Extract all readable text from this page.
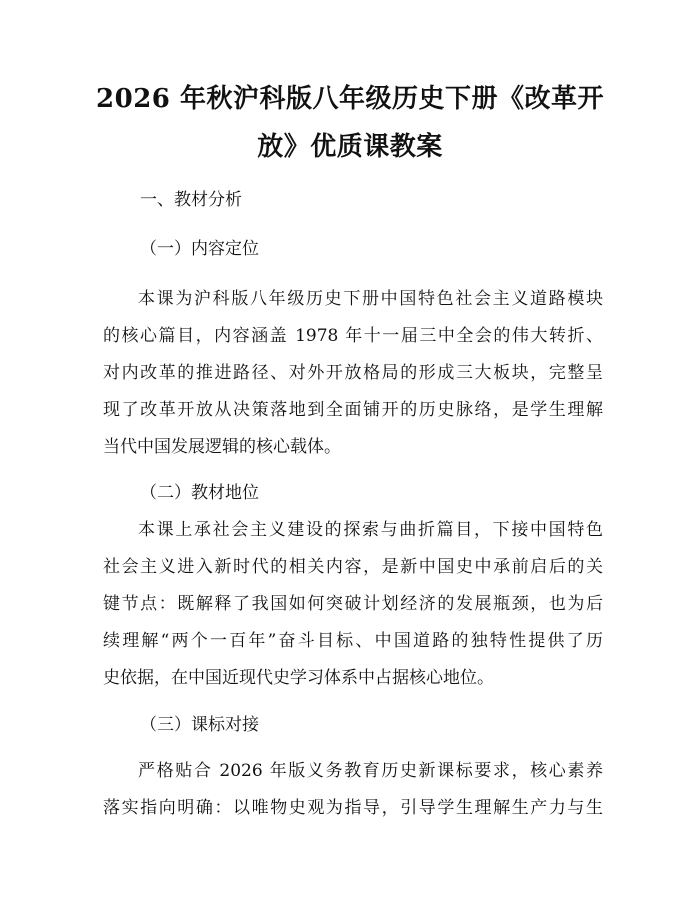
2026 年秋沪科版八年级历史下册《改革开
放》优质课教案
一、教材分析
（一）内容定位
本课为沪科版八年级历史下册中国特色社会主义道路模块
的核心篇目，内容涵盖 1978 年十一届三中全会的伟大转折、
对内改革的推进路径、对外开放格局的形成三大板块，完整呈
现了改革开放从决策落地到全面铺开的历史脉络，是学生理解
当代中国发展逻辑的核心载体。
（二）教材地位
本课上承社会主义建设的探索与曲折篇目，下接中国特色
社会主义进入新时代的相关内容，是新中国史中承前启后的关
键节点：既解释了我国如何突破计划经济的发展瓶颈，也为后
续理解“两个一百年”奋斗目标、中国道路的独特性提供了历
史依据，在中国近现代史学习体系中占据核心地位。
（三）课标对接
严格贴合 2026 年版义务教育历史新课标要求，核心素养
落实指向明确：以唯物史观为指导，引导学生理解生产力与生
